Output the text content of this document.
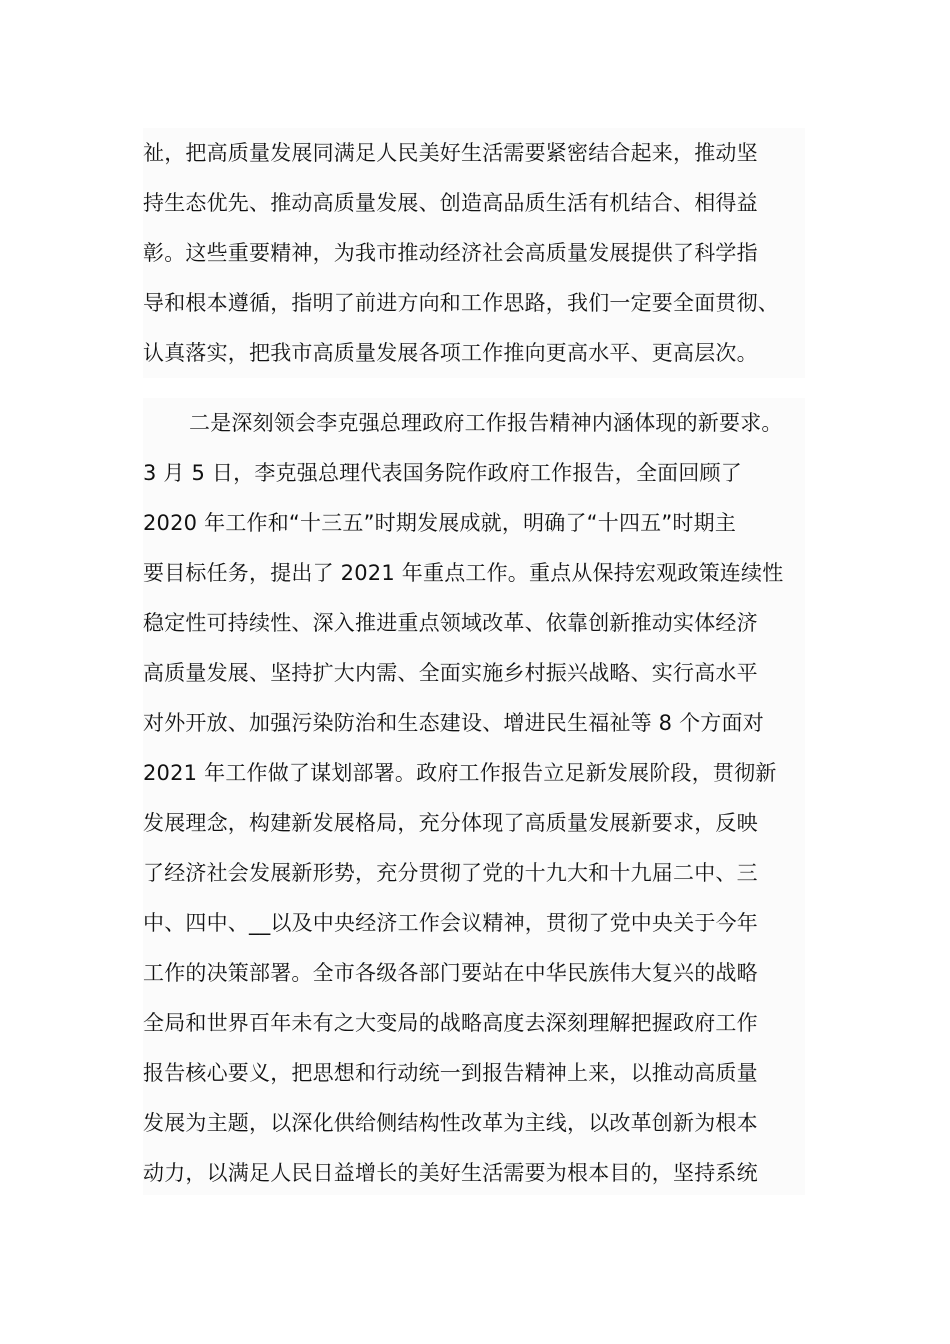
祉，把高质量发展同满足人民美好生活需要紧密结合起来，推动坚
持生态优先、推动高质量发展、创造高品质生活有机结合、相得益
彰。这些重要精神，为我市推动经济社会高质量发展提供了科学指
导和根本遵循，指明了前进方向和工作思路，我们一定要全面贯彻、
认真落实，把我市高质量发展各项工作推向更高水平、更高层次。
二是深刻领会李克强总理政府工作报告精神内涵体现的新要求。
3 月 5 日，李克强总理代表国务院作政府工作报告，全面回顾了
2020 年工作和“十三五”时期发展成就，明确了“十四五”时期主
要目标任务，提出了 2021 年重点工作。重点从保持宏观政策连续性
稳定性可持续性、深入推进重点领域改革、依靠创新推动实体经济
高质量发展、坚持扩大内需、全面实施乡村振兴战略、实行高水平
对外开放、加强污染防治和生态建设、增进民生福祉等 8 个方面对
2021 年工作做了谋划部署。政府工作报告立足新发展阶段，贯彻新
发展理念，构建新发展格局，充分体现了高质量发展新要求，反映
了经济社会发展新形势，充分贯彻了党的十九大和十九届二中、三
中、四中、__以及中央经济工作会议精神，贯彻了党中央关于今年
工作的决策部署。全市各级各部门要站在中华民族伟大复兴的战略
全局和世界百年未有之大变局的战略高度去深刻理解把握政府工作
报告核心要义，把思想和行动统一到报告精神上来，以推动高质量
发展为主题，以深化供给侧结构性改革为主线，以改革创新为根本
动力，以满足人民日益增长的美好生活需要为根本目的，坚持系统
